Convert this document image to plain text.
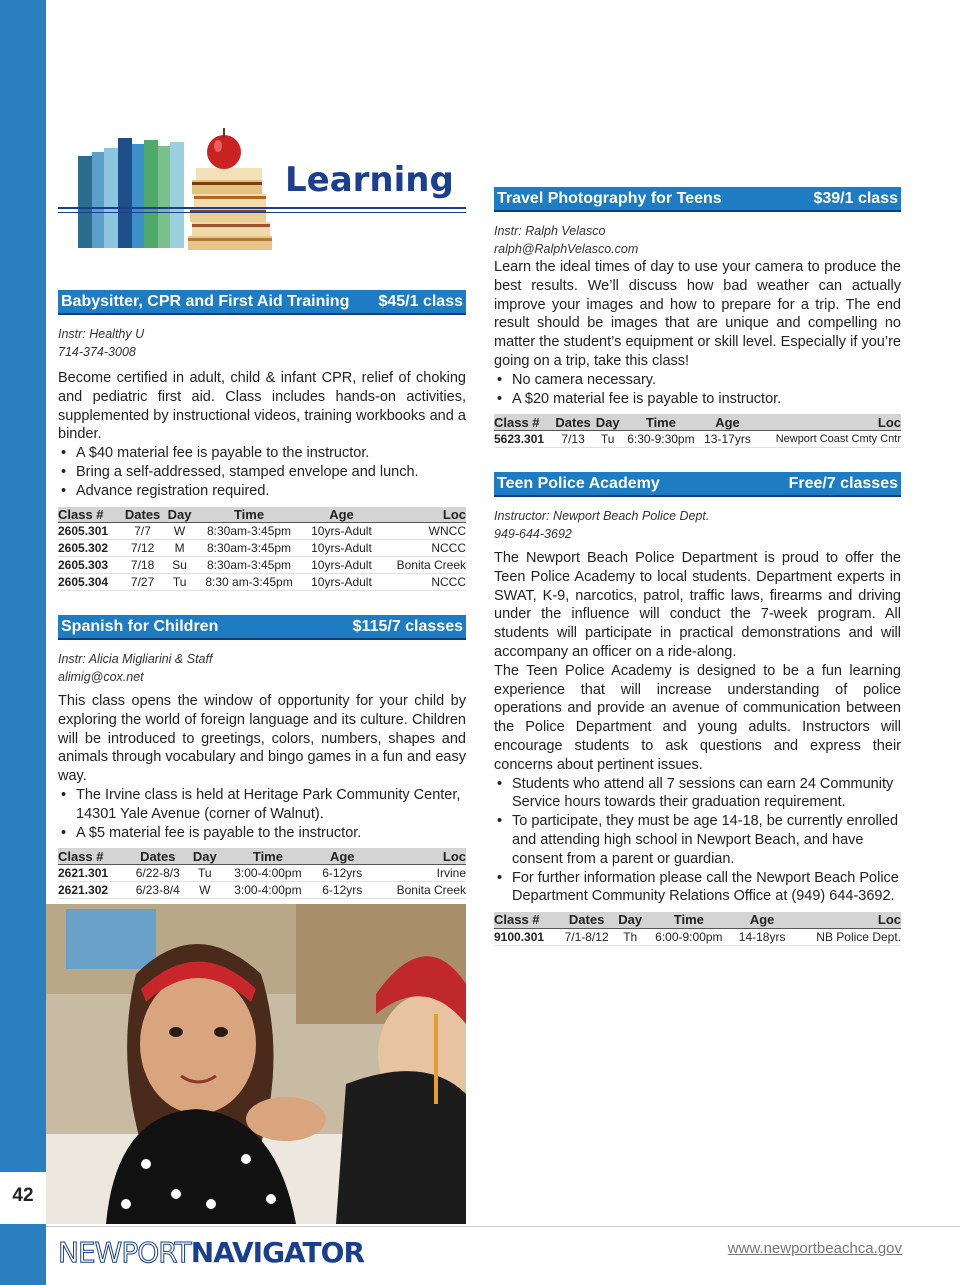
42
Learning
Babysitter, CPR and First Aid Training $45/1 class
Instr: Healthy U
714-374-3008
Become certified in adult, child & infant CPR, relief of choking and pediatric first aid. Class includes hands-on activities, supplemented by instructional videos, training workbooks and a binder.
• A $40 material fee is payable to the instructor.
• Bring a self-addressed, stamped envelope and lunch.
• Advance registration required.
Class #	Dates	Day	Time	Age	Loc
2605.301	7/7	W	8:30am-3:45pm	10yrs-Adult	WNCC
2605.302	7/12	M	8:30am-3:45pm	10yrs-Adult	NCCC
2605.303	7/18	Su	8:30am-3:45pm	10yrs-Adult	Bonita Creek
2605.304	7/27	Tu	8:30 am-3:45pm	10yrs-Adult	NCCC
Spanish for Children	$115/7 classes
Instr: Alicia Migliarini & Staff
alimig@cox.net
This class opens the window of opportunity for your child by exploring the world of foreign language and its culture. Children will be introduced to greetings, colors, numbers, shapes and animals through vocabulary and bingo games in a fun and easy way.
• The Irvine class is held at Heritage Park Community Center, 14301 Yale Avenue (corner of Walnut).
• A $5 material fee is payable to the instructor.
Class #	Dates	Day	Time	Age	Loc
2621.301	6/22-8/3	Tu	3:00-4:00pm	6-12yrs	Irvine
2621.302	6/23-8/4	W	3:00-4:00pm	6-12yrs	Bonita Creek
Travel Photography for Teens	$39/1 class
Instr: Ralph Velasco
ralph@RalphVelasco.com
Learn the ideal times of day to use your camera to produce the best results. We’ll discuss how bad weather can actually improve your images and how to prepare for a trip. The end result should be images that are unique and compelling no matter the student’s equipment or skill level. Especially if you’re going on a trip, take this class!
• No camera necessary.
• A $20 material fee is payable to instructor.
Class #	Dates	Day	Time	Age	Loc
5623.301	7/13	Tu	6:30-9:30pm	13-17yrs	Newport Coast Cmty Cntr
Teen Police Academy	Free/7 classes
Instructor: Newport Beach Police Dept.
949-644-3692
The Newport Beach Police Department is proud to offer the Teen Police Academy to local students. Department experts in SWAT, K-9, narcotics, patrol, traffic laws, firearms and driving under the influence will conduct the 7-week program. All students will participate in practical demonstrations and will accompany an officer on a ride-along.
The Teen Police Academy is designed to be a fun learning experience that will increase understanding of police operations and provide an avenue of communication between the Police Department and young adults. Instructors will encourage students to ask questions and express their concerns about pertinent issues.
• Students who attend all 7 sessions can earn 24 Community Service hours towards their graduation requirement.
• To participate, they must be age 14-18, be currently enrolled and attending high school in Newport Beach, and have consent from a parent or guardian.
• For further information please call the Newport Beach Police Department Community Relations Office at (949) 644-3692.
Class #	Dates	Day	Time	Age	Loc
9100.301	7/1-8/12	Th	6:00-9:00pm	14-18yrs	NB Police Dept.
NEWPORTNAVIGATOR	www.newportbeachca.gov
